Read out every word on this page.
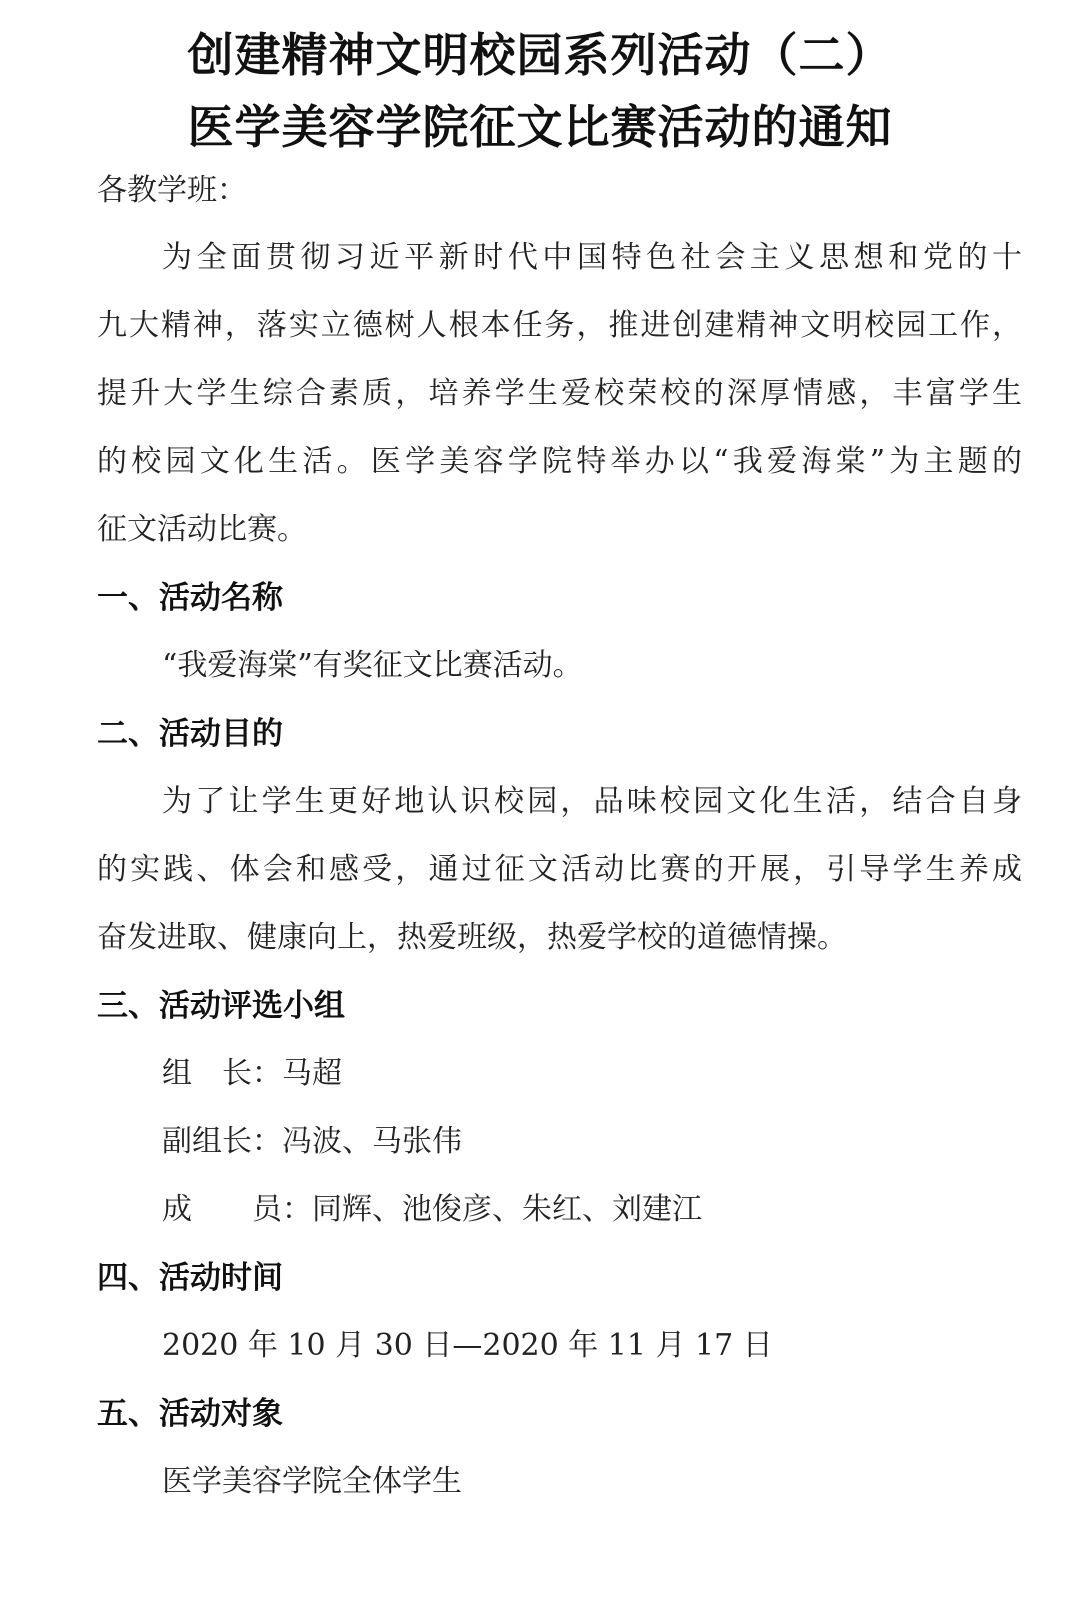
创建精神文明校园系列活动（二）
医学美容学院征文比赛活动的通知
各教学班：
为全面贯彻习近平新时代中国特色社会主义思想和党的十
九大精神，落实立德树人根本任务，推进创建精神文明校园工作，
提升大学生综合素质，培养学生爱校荣校的深厚情感，丰富学生
的校园文化生活。医学美容学院特举办以“我爱海棠”为主题的
征文活动比赛。
一、活动名称
“我爱海棠”有奖征文比赛活动。
二、活动目的
为了让学生更好地认识校园，品味校园文化生活，结合自身
的实践、体会和感受，通过征文活动比赛的开展，引导学生养成
奋发进取、健康向上，热爱班级，热爱学校的道德情操。
三、活动评选小组
组　长：马超
副组长：冯波、马张伟
成　　员：同辉、池俊彦、朱红、刘建江
四、活动时间
2020 年 10 月 30 日—2020 年 11 月 17 日
五、活动对象
医学美容学院全体学生
